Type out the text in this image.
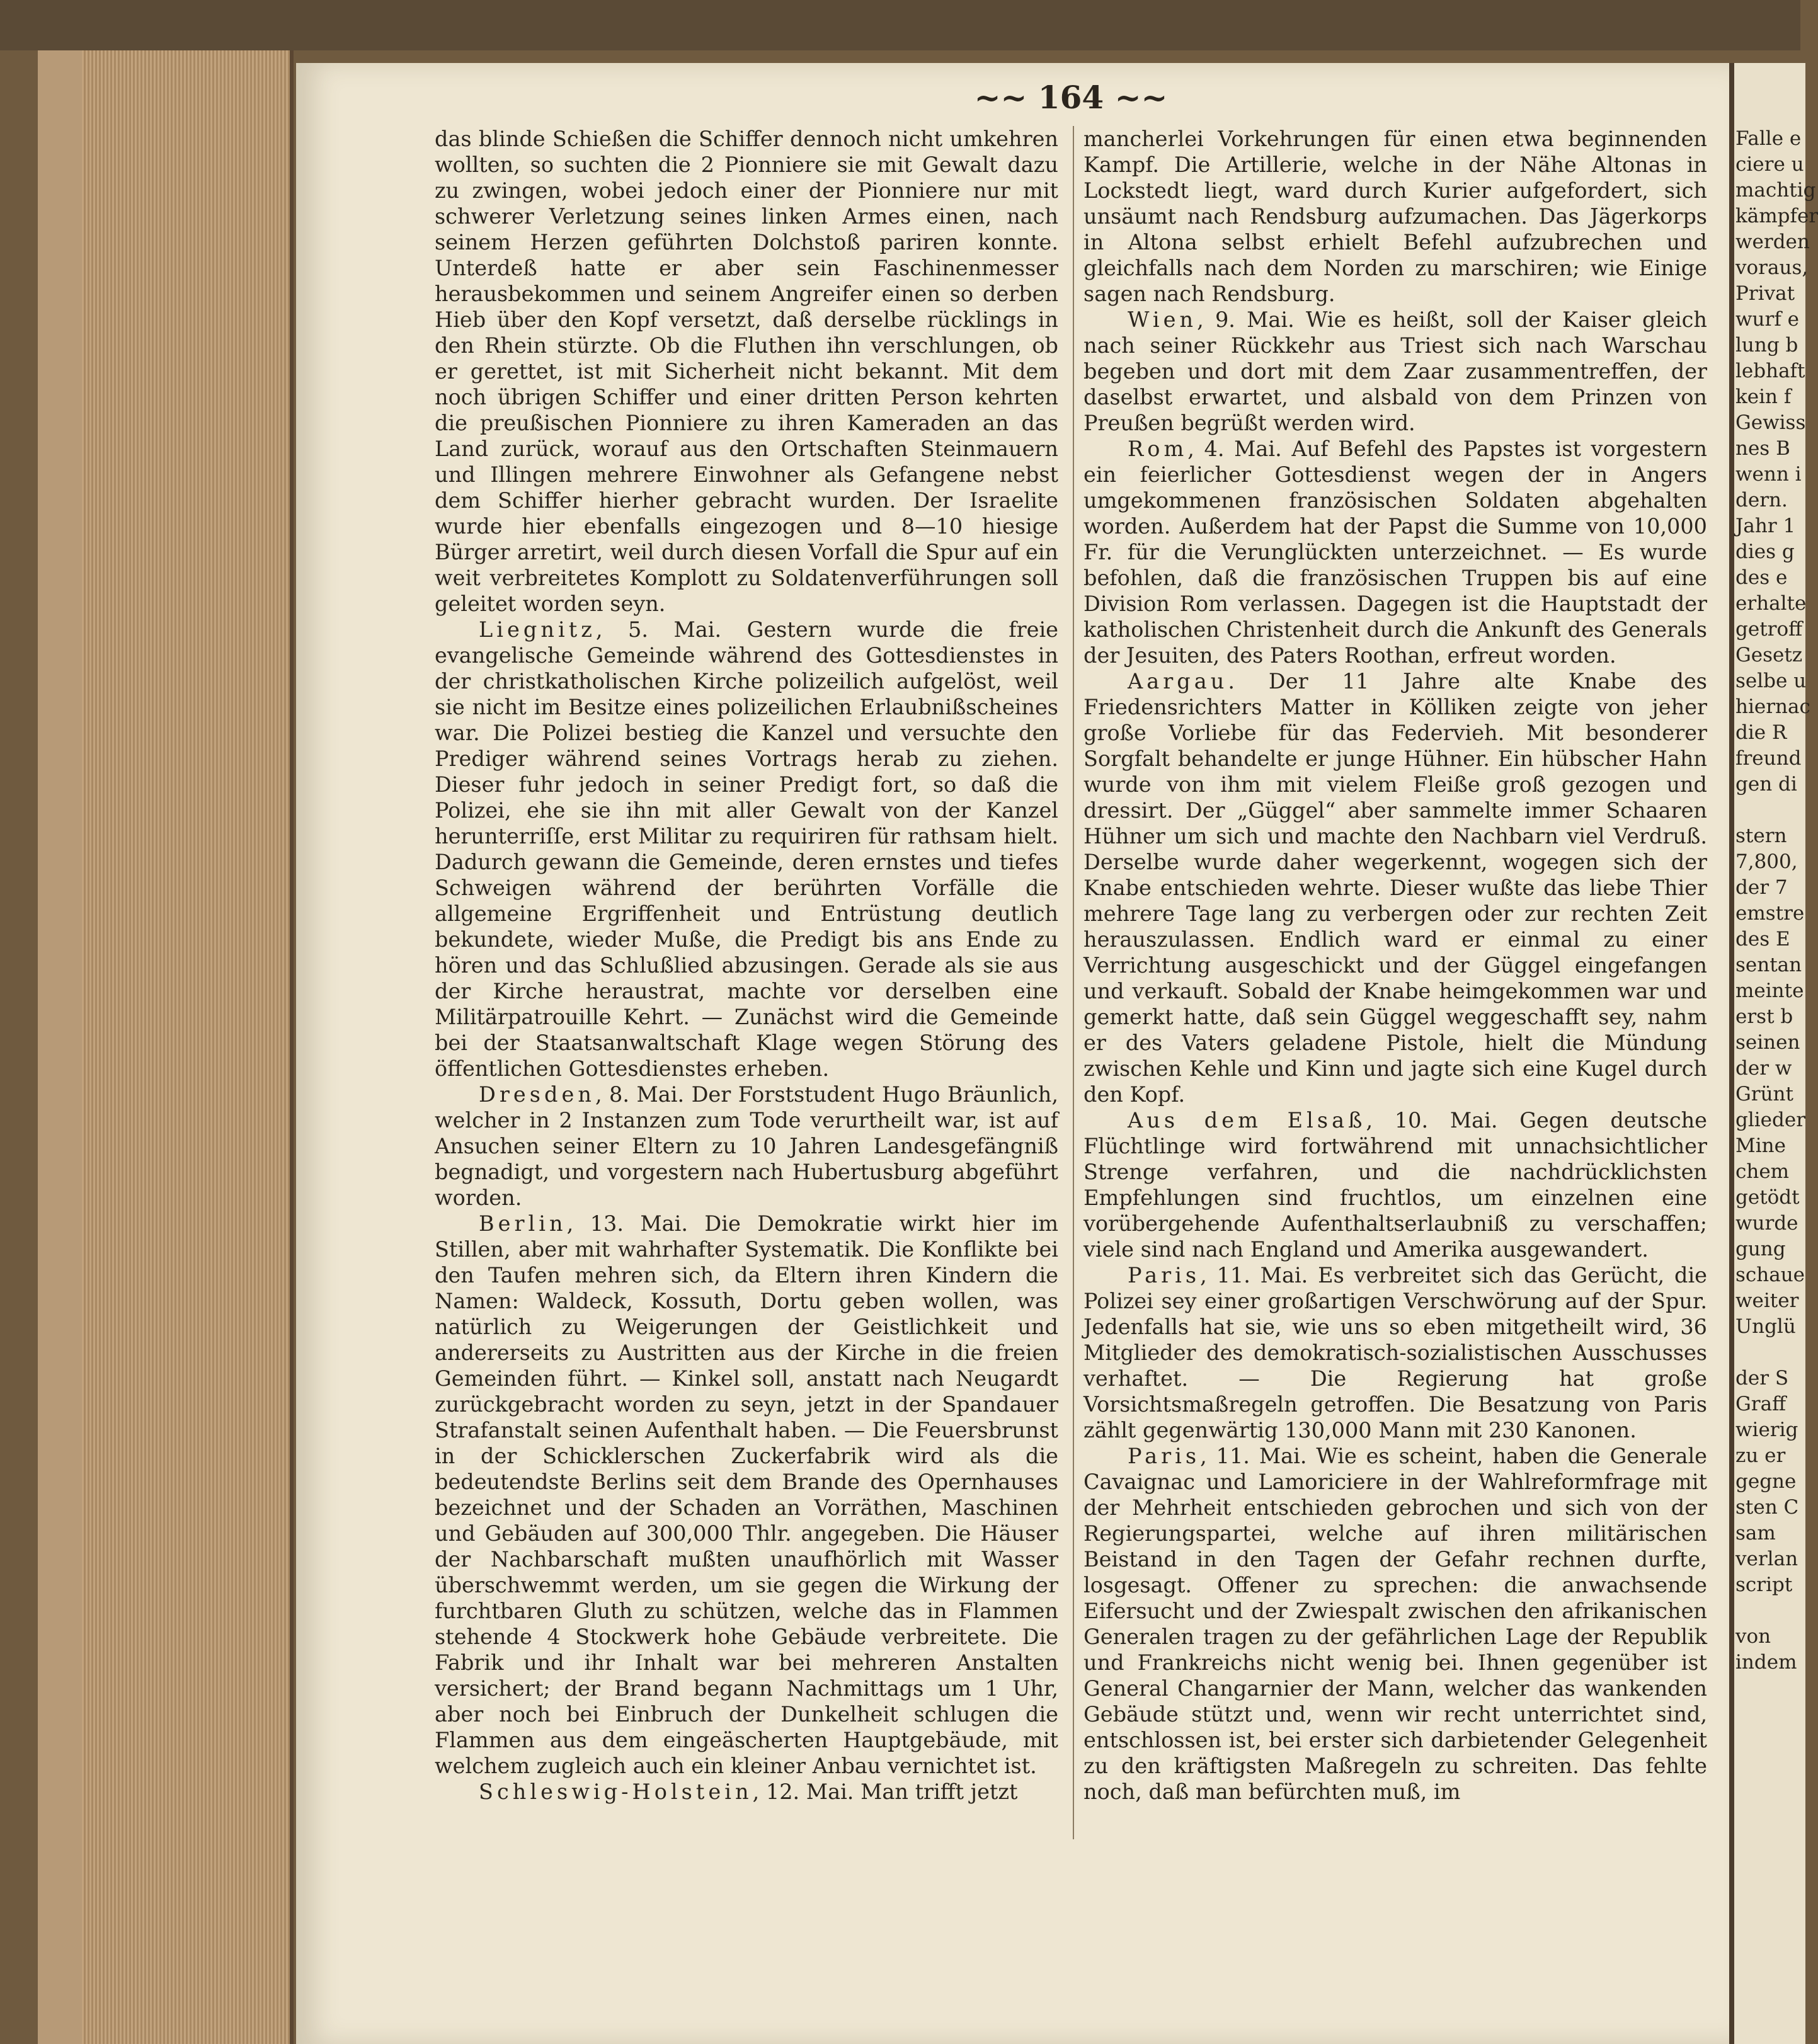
~~ 164 ~~

das blinde Schießen die Schiffer dennoch nicht umkehren wollten, so suchten die 2 Pionniere sie mit Gewalt dazu zu zwingen, wobei jedoch einer der Pionniere nur mit schwerer Verletzung seines linken Armes einen, nach seinem Herzen geführten Dolchstoß pariren konnte. Unterdeß hatte er aber sein Faschinenmesser herausbekommen und seinem Angreifer einen so derben Hieb über den Kopf versetzt, daß derselbe rücklings in den Rhein stürzte. Ob die Fluthen ihn verschlungen, ob er gerettet, ist mit Sicherheit nicht bekannt. Mit dem noch übrigen Schiffer und einer dritten Person kehrten die preußischen Pionniere zu ihren Kameraden an das Land zurück, worauf aus den Ortschaften Steinmauern und Illingen mehrere Einwohner als Gefangene nebst dem Schiffer hierher gebracht wurden. Der Israelite wurde hier ebenfalls eingezogen und 8—10 hiesige Bürger arretirt, weil durch diesen Vorfall die Spur auf ein weit verbreitetes Komplott zu Soldatenverführungen soll geleitet worden seyn.

Liegnitz, 5. Mai. Gestern wurde die freie evangelische Gemeinde während des Gottesdienstes in der christkatholischen Kirche polizeilich aufgelöst, weil sie nicht im Besitze eines polizeilichen Erlaubnißscheines war. Die Polizei bestieg die Kanzel und versuchte den Prediger während seines Vortrags herab zu ziehen. Dieser fuhr jedoch in seiner Predigt fort, so daß die Polizei, ehe sie ihn mit aller Gewalt von der Kanzel herunterriſſe, erst Militar zu requiriren für rathsam hielt. Dadurch gewann die Gemeinde, deren ernstes und tiefes Schweigen während der berührten Vorfälle die allgemeine Ergriffenheit und Entrüstung deutlich bekundete, wieder Muße, die Predigt bis ans Ende zu hören und das Schlußlied abzusingen. Gerade als sie aus der Kirche heraustrat, machte vor derselben eine Militärpatrouille Kehrt. — Zunächst wird die Gemeinde bei der Staatsanwaltschaft Klage wegen Störung des öffentlichen Gottesdienstes erheben.

Dresden, 8. Mai. Der Forststudent Hugo Bräunlich, welcher in 2 Instanzen zum Tode verurtheilt war, ist auf Ansuchen seiner Eltern zu 10 Jahren Landesgefängniß begnadigt, und vorgestern nach Hubertusburg abgeführt worden.

Berlin, 13. Mai. Die Demokratie wirkt hier im Stillen, aber mit wahrhafter Systematik. Die Konflikte bei den Taufen mehren sich, da Eltern ihren Kindern die Namen: Waldeck, Kossuth, Dortu geben wollen, was natürlich zu Weigerungen der Geistlichkeit und andererseits zu Austritten aus der Kirche in die freien Gemeinden führt. — Kinkel soll, anstatt nach Neugardt zurückgebracht worden zu seyn, jetzt in der Spandauer Strafanstalt seinen Aufenthalt haben. — Die Feuersbrunst in der Schicklerschen Zuckerfabrik wird als die bedeutendste Berlins seit dem Brande des Opernhauses bezeichnet und der Schaden an Vorräthen, Maschinen und Gebäuden auf 300,000 Thlr. angegeben. Die Häuser der Nachbarschaft mußten unaufhörlich mit Wasser überschwemmt werden, um sie gegen die Wirkung der furchtbaren Gluth zu schützen, welche das in Flammen stehende 4 Stockwerk hohe Gebäude verbreitete. Die Fabrik und ihr Inhalt war bei mehreren Anstalten versichert; der Brand begann Nachmittags um 1 Uhr, aber noch bei Einbruch der Dunkelheit schlugen die Flammen aus dem eingeäscherten Hauptgebäude, mit welchem zugleich auch ein kleiner Anbau vernichtet ist.

Schleswig-Holstein, 12. Mai. Man trifft jetzt

mancherlei Vorkehrungen für einen etwa beginnenden Kampf. Die Artillerie, welche in der Nähe Altonas in Lockstedt liegt, ward durch Kurier aufgefordert, sich unsäumt nach Rendsburg aufzumachen. Das Jägerkorps in Altona selbst erhielt Befehl aufzubrechen und gleichfalls nach dem Norden zu marschiren; wie Einige sagen nach Rendsburg.

Wien, 9. Mai. Wie es heißt, soll der Kaiser gleich nach seiner Rückkehr aus Triest sich nach Warschau begeben und dort mit dem Zaar zusammentreffen, der daselbst erwartet, und alsbald von dem Prinzen von Preußen begrüßt werden wird.

Rom, 4. Mai. Auf Befehl des Papstes ist vorgestern ein feierlicher Gottesdienst wegen der in Angers umgekommenen französischen Soldaten abgehalten worden. Außerdem hat der Papst die Summe von 10,000 Fr. für die Verunglückten unterzeichnet. — Es wurde befohlen, daß die französischen Truppen bis auf eine Division Rom verlassen. Dagegen ist die Hauptstadt der katholischen Christenheit durch die Ankunft des Generals der Jesuiten, des Paters Roothan, erfreut worden.

Aargau. Der 11 Jahre alte Knabe des Friedensrichters Matter in Kölliken zeigte von jeher große Vorliebe für das Federvieh. Mit besonderer Sorgfalt behandelte er junge Hühner. Ein hübscher Hahn wurde von ihm mit vielem Fleiße groß gezogen und dressirt. Der „Güggel“ aber sammelte immer Schaaren Hühner um sich und machte den Nachbarn viel Verdruß. Derselbe wurde daher wegerkennt, wogegen sich der Knabe entschieden wehrte. Dieser wußte das liebe Thier mehrere Tage lang zu verbergen oder zur rechten Zeit herauszulassen. Endlich ward er einmal zu einer Verrichtung ausgeschickt und der Güggel eingefangen und verkauft. Sobald der Knabe heimgekommen war und gemerkt hatte, daß sein Güggel weggeschafft sey, nahm er des Vaters geladene Pistole, hielt die Mündung zwischen Kehle und Kinn und jagte sich eine Kugel durch den Kopf.

Aus dem Elsaß, 10. Mai. Gegen deutsche Flüchtlinge wird fortwährend mit unnachsichtlicher Strenge verfahren, und die nachdrücklichsten Empfehlungen sind fruchtlos, um einzelnen eine vorübergehende Aufenthaltserlaubniß zu verschaffen; viele sind nach England und Amerika ausgewandert.

Paris, 11. Mai. Es verbreitet sich das Gerücht, die Polizei sey einer großartigen Verschwörung auf der Spur. Jedenfalls hat sie, wie uns so eben mitgetheilt wird, 36 Mitglieder des demokratisch-sozialistischen Ausschusses verhaftet. — Die Regierung hat große Vorsichtsmaßregeln getroffen. Die Besatzung von Paris zählt gegenwärtig 130,000 Mann mit 230 Kanonen.

Paris, 11. Mai. Wie es scheint, haben die Generale Cavaignac und Lamoriciere in der Wahlreformfrage mit der Mehrheit entschieden gebrochen und sich von der Regierungspartei, welche auf ihren militärischen Beistand in den Tagen der Gefahr rechnen durfte, losgesagt. Offener zu sprechen: die anwachsende Eifersucht und der Zwiespalt zwischen den afrikanischen Generalen tragen zu der gefährlichen Lage der Republik und Frankreichs nicht wenig bei. Ihnen gegenüber ist General Changarnier der Mann, welcher das wankenden Gebäude stützt und, wenn wir recht unterrichtet sind, entschlossen ist, bei erster sich darbietender Gelegenheit zu den kräftigsten Maßregeln zu schreiten. Das fehlte noch, daß man befürchten muß, im

Falle e
ciere u
machtig
kämpfer
werden
voraus,
Privat
wurf e
lung b
lebhaft
kein f
Gewiss
nes B
wenn i
dern.
Jahr 1
dies g
des e
erhalte
getroff
Gesetz
selbe u
hiernac
die R
freund
gen di
stern
7,800,
der 7
emstre
des E
sentan
meinte
erst b
seinen
der w
Grünt
glieder
Mine
chem
getödt
wurde
gung
schaue
weiter
Unglü
der S
Graff
wierig
zu er
gegne
sten C
sam
verlan
script
von
indem
